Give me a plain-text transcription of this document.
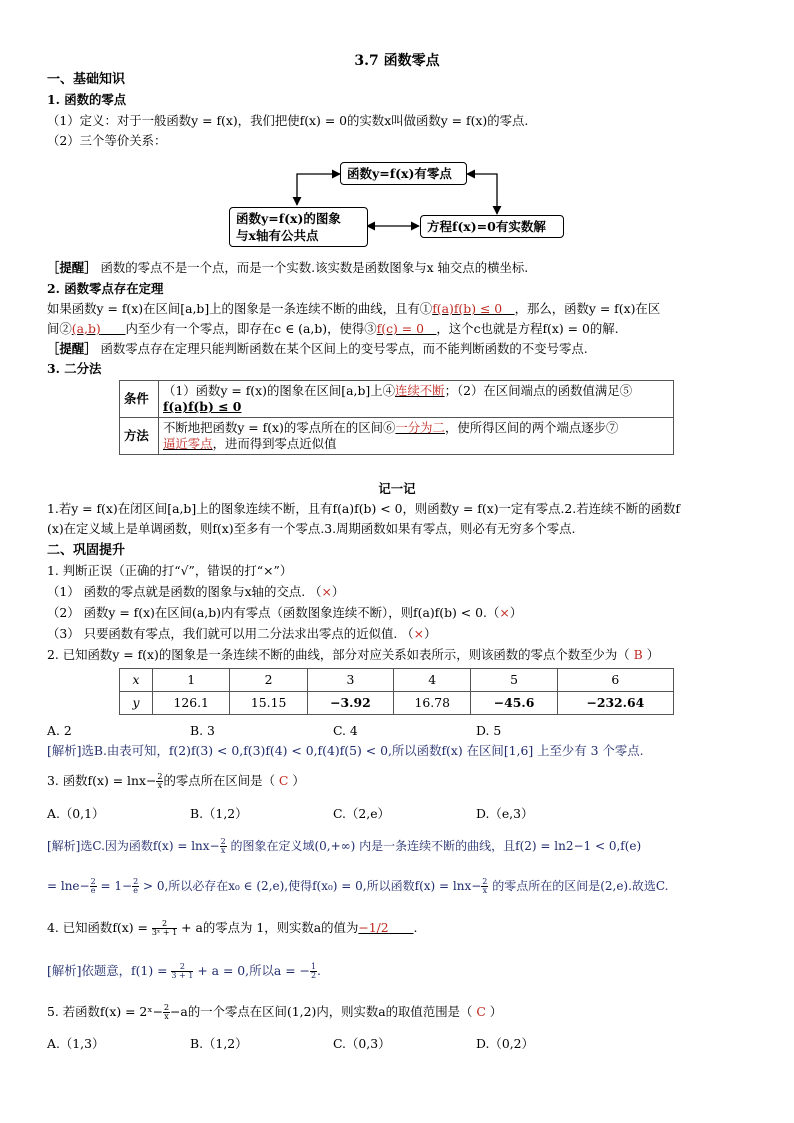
3.7 函数零点
一、基础知识
1. 函数的零点
（1）定义：对于一般函数y = f(x)，我们把使f(x) = 0的实数x叫做函数y = f(x)的零点.
（2）三个等价关系：
函数y=f(x)有零点
函数y=f(x)的图象
与x轴有公共点
方程f(x)=0有实数解
［提醒］ 函数的零点不是一个点，而是一个实数.该实数是函数图象与x 轴交点的横坐标.
2. 函数零点存在定理
如果函数y = f(x)在区间[a,b]上的图象是一条连续不断的曲线，且有①f(a)f(b) ≤ 0  ，那么，函数y = f(x)在区
间②(a,b)   内至少有一个零点，即存在c ∈ (a,b)，使得③f(c) = 0  ，这个c也就是方程f(x) = 0的解.
［提醒］ 函数零点存在定理只能判断函数在某个区间上的变号零点，而不能判断函数的不变号零点.
3. 二分法
条件	（1）函数y = f(x)的图象在区间[a,b]上④连续不断；（2）在区间端点的函数值满足⑤
f(a)f(b) ≤ 0
方法	不断地把函数y = f(x)的零点所在的区间⑥一分为二，使所得区间的两个端点逐步⑦
逼近零点，进而得到零点近似值
记一记
1.若y = f(x)在闭区间[a,b]上的图象连续不断，且有f(a)f(b) < 0，则函数y = f(x)一定有零点.2.若连续不断的函数f
(x)在定义域上是单调函数，则f(x)至多有一个零点.3.周期函数如果有零点，则必有无穷多个零点.
二、巩固提升
1. 判断正误（正确的打“√”，错误的打“×”）
（1） 函数的零点就是函数的图象与x轴的交点. （×）
（2） 函数y = f(x)在区间(a,b)内有零点（函数图象连续不断），则f(a)f(b) < 0.（×）
（3） 只要函数有零点，我们就可以用二分法求出零点的近似值. （×）
2. 已知函数y = f(x)的图象是一条连续不断的曲线，部分对应关系如表所示，则该函数的零点个数至少为（ B ）
x	1	2	3	4	5	6
y	126.1	15.15	−3.92	16.78	−45.6	−232.64
A. 2	B. 3	C. 4	D. 5
[解析]选B.由表可知，f(2)f(3) < 0,f(3)f(4) < 0,f(4)f(5) < 0,所以函数f(x) 在区间[1,6] 上至少有 3 个零点.
3. 函数$f(x) = \ln x- \frac{2}{x}$ 的零点所在区间是（ C ）
A.（0,1）	B.（1,2）	C.（2,e）	D.（e,3）
[解析]选C.因为函数$f(x) = \ln x- \frac{2}{x}$ 的图象在定义域(0,+∞) 内是一条连续不断的曲线，且f(2) = ln2−1 < 0,f(e)
= $\ln e- \frac{2}{e} = 1- \frac{2}{e} > 0$,所以必存在x₀ ∈ (2,e),使得f(x₀) = 0,所以函数$f(x) = \ln x- \frac{2}{x}$ 的零点所在的区间是(2,e).故选C.
4. 已知函数$f(x) = \frac{2}{\text{3ˣ + 1}} + a$的零点为 1，则实数a的值为−1/2   .
[解析]依题意，$f(1) = \frac{2}{3 + 1} + a = 0$,所以a = − $\frac{1}{2}$ .
5. 若函数f(x) = 2ˣ− $\frac{2}{x} -a$的一个零点在区间(1,2)内，则实数a的取值范围是（ C ）
A.（1,3）	B.（1,2）	C.（0,3）	D.（0,2）
